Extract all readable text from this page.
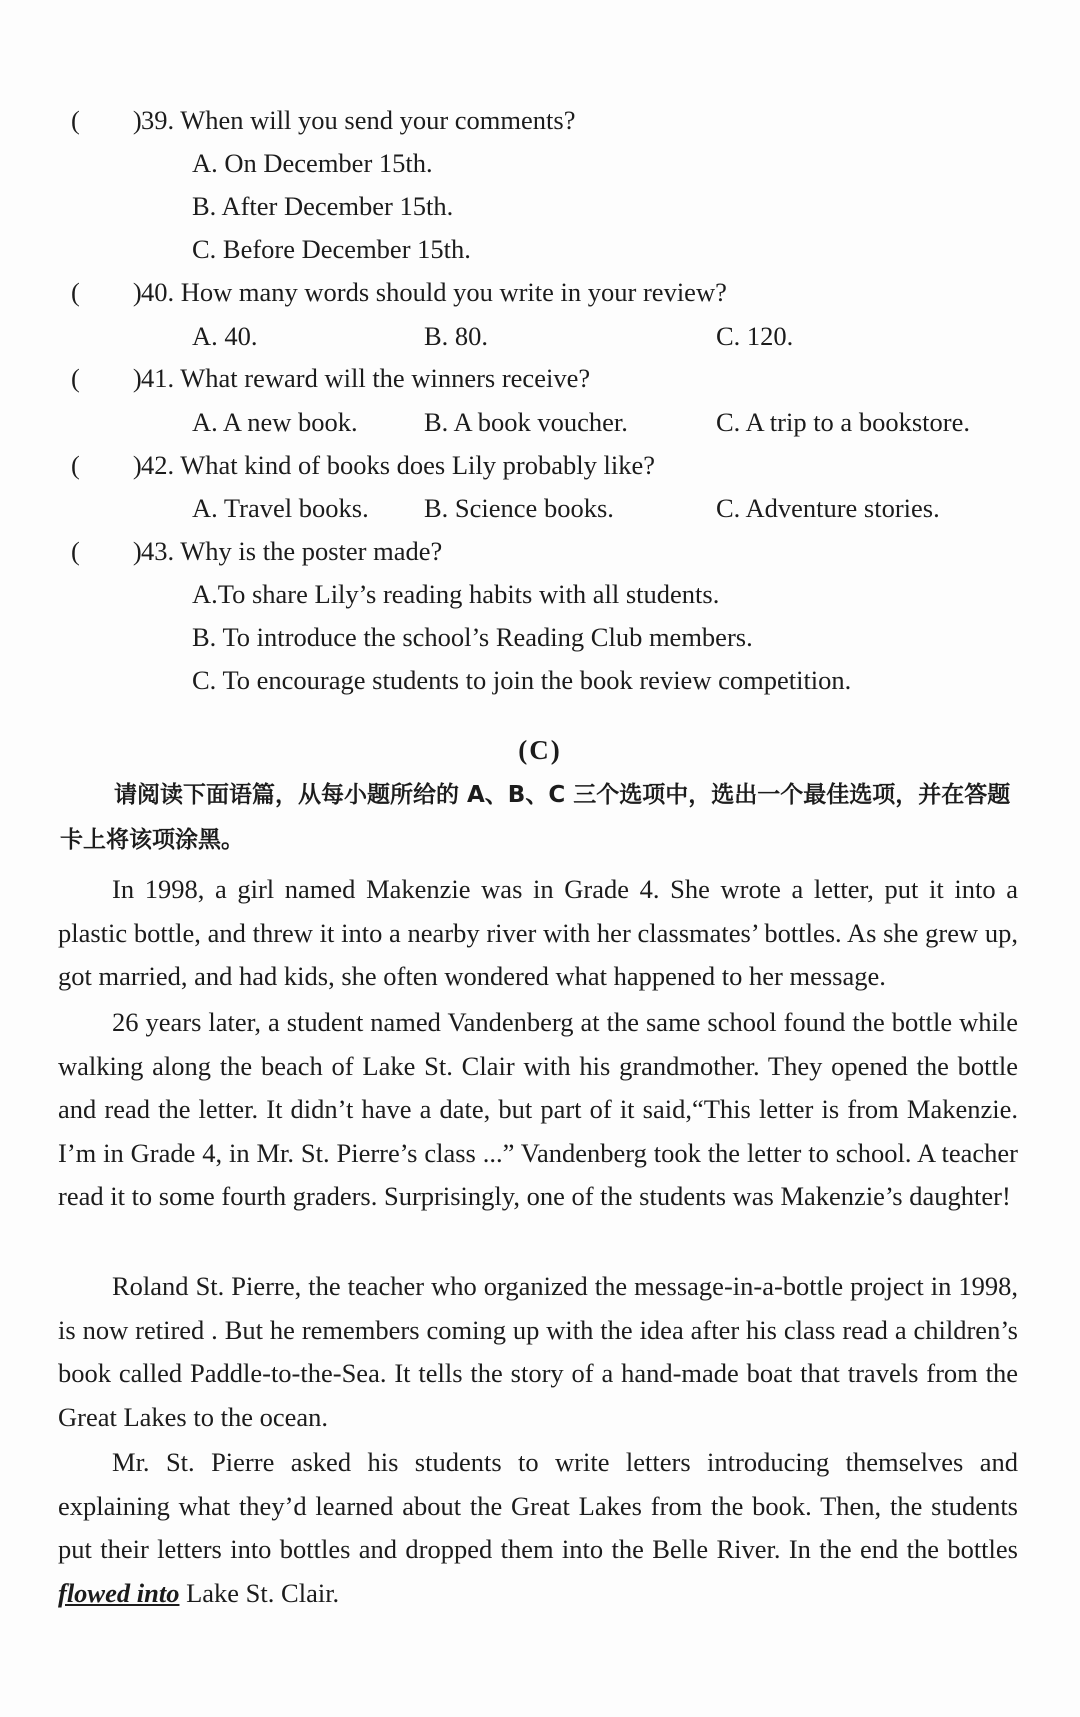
(　　)39. When will you send your comments?
A. On December 15th.
B. After December 15th.
C. Before December 15th.
(　　)40. How many words should you write in your review?
A. 40.	B. 80.	C. 120.
(　　)41. What reward will the winners receive?
A. A new book.	B. A book voucher.	C. A trip to a bookstore.
(　　)42. What kind of books does Lily probably like?
A. Travel books. B. Science books.	C. Adventure stories.
(　　)43. Why is the poster made?
A.To share Lily’s reading habits with all students.
B. To introduce the school’s Reading Club members.
C. To encourage students to join the book review competition.
(C)
请阅读下面语篇，从每小题所给的 A、B、C 三个选项中，选出一个最佳选项，并在答题卡上将该项涂黑。
In 1998, a girl named Makenzie was in Grade 4. She wrote a letter, put it into a plastic bottle, and threw it into a nearby river with her classmates’ bottles. As she grew up, got married, and had kids, she often wondered what happened to her message.
26 years later, a student named Vandenberg at the same school found the bottle while walking along the beach of Lake St. Clair with his grandmother. They opened the bottle and read the letter. It didn’t have a date, but part of it said,“This letter is from Makenzie. I’m in Grade 4, in Mr. St. Pierre’s class ...” Vandenberg took the letter to school. A teacher read it to some fourth graders. Surprisingly, one of the students was Makenzie’s daughter!
Roland St. Pierre, the teacher who organized the message-in-a-bottle project in 1998, is now retired . But he remembers coming up with the idea after his class read a children’s book called Paddle-to-the-Sea. It tells the story of a hand-made boat that travels from the Great Lakes to the ocean.
Mr. St. Pierre asked his students to write letters introducing themselves and explaining what they’d learned about the Great Lakes from the book. Then, the students put their letters into bottles and dropped them into the Belle River. In the end the bottles flowed into Lake St. Clair.
